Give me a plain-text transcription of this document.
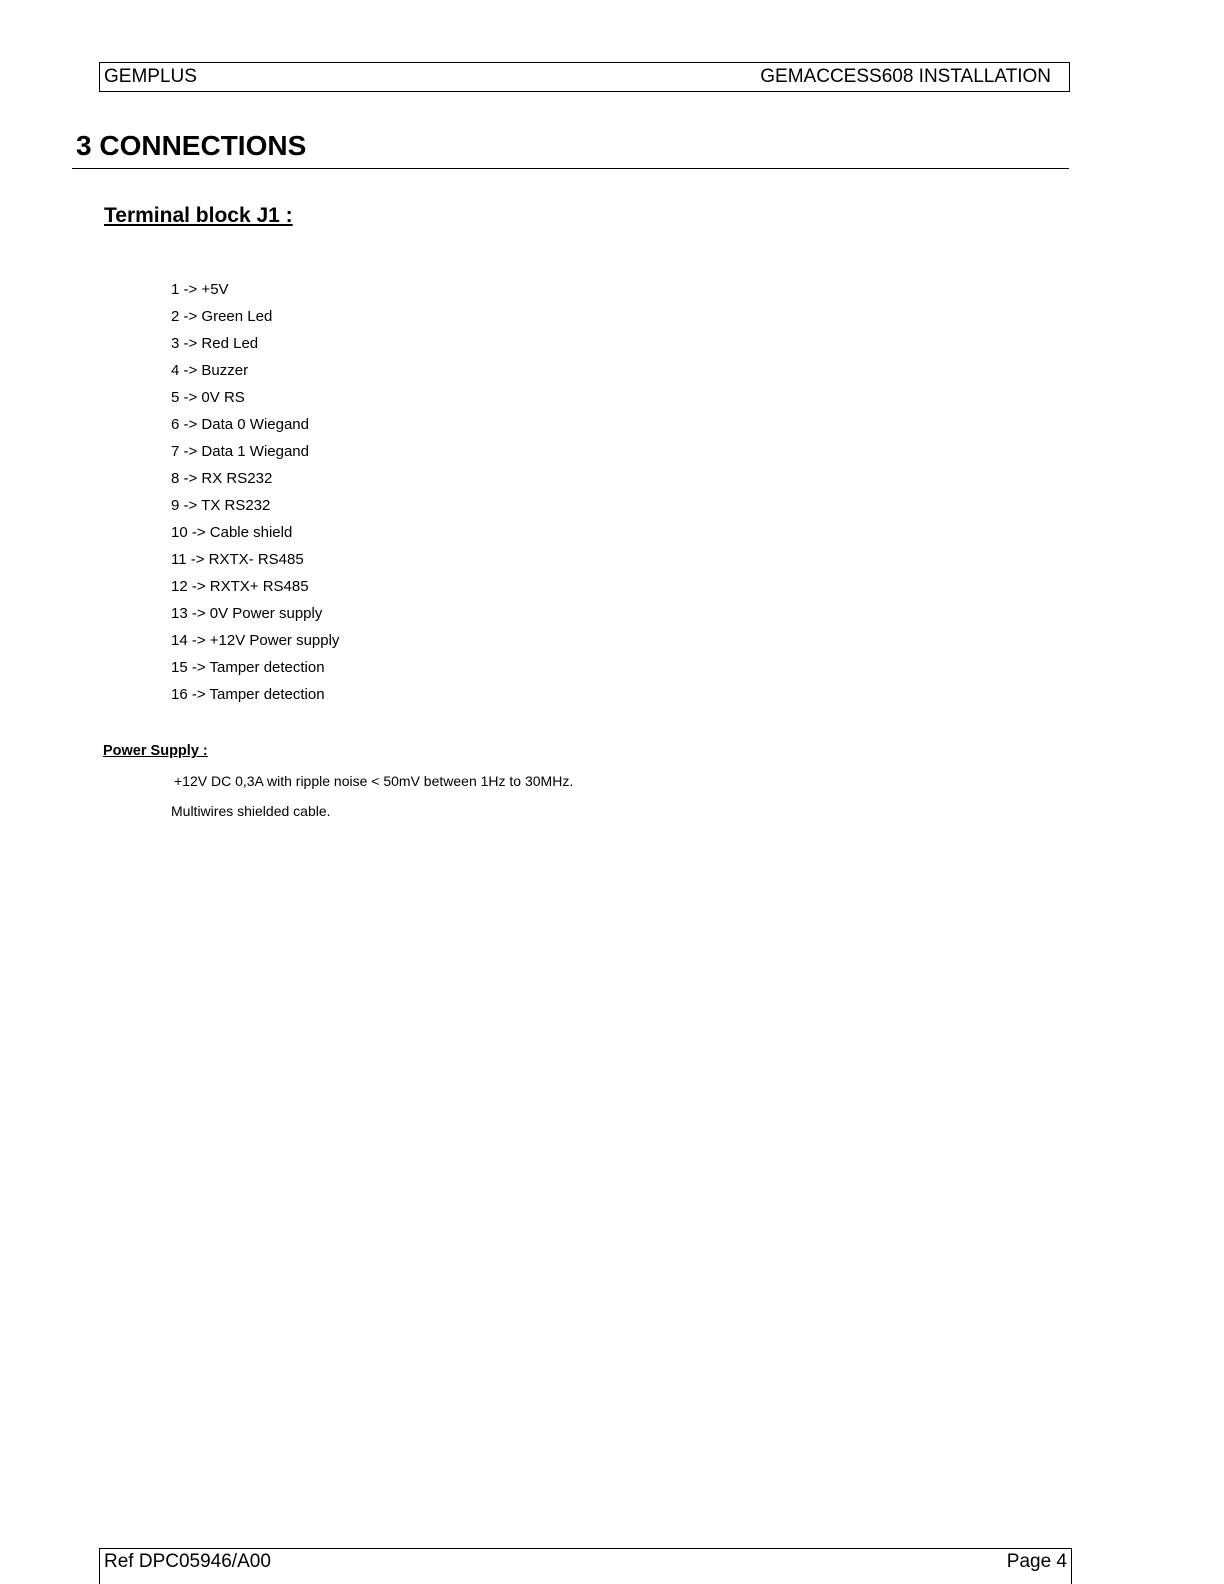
GEMPLUS	GEMACCESS608 INSTALLATION
3 CONNECTIONS
Terminal block J1 :
1 -> +5V
2 -> Green Led
3 -> Red Led
4 -> Buzzer
5 -> 0V RS
6 -> Data 0 Wiegand
7 -> Data 1 Wiegand
8 -> RX RS232
9 -> TX RS232
10 -> Cable shield
11 -> RXTX- RS485
12 -> RXTX+ RS485
13 -> 0V Power supply
14 -> +12V Power supply
15 -> Tamper detection
16 -> Tamper detection
Power Supply :

+12V DC 0,3A with ripple noise < 50mV between 1Hz to 30MHz.

Multiwires shielded cable.

Ref DPC05946/A00	Page 4
